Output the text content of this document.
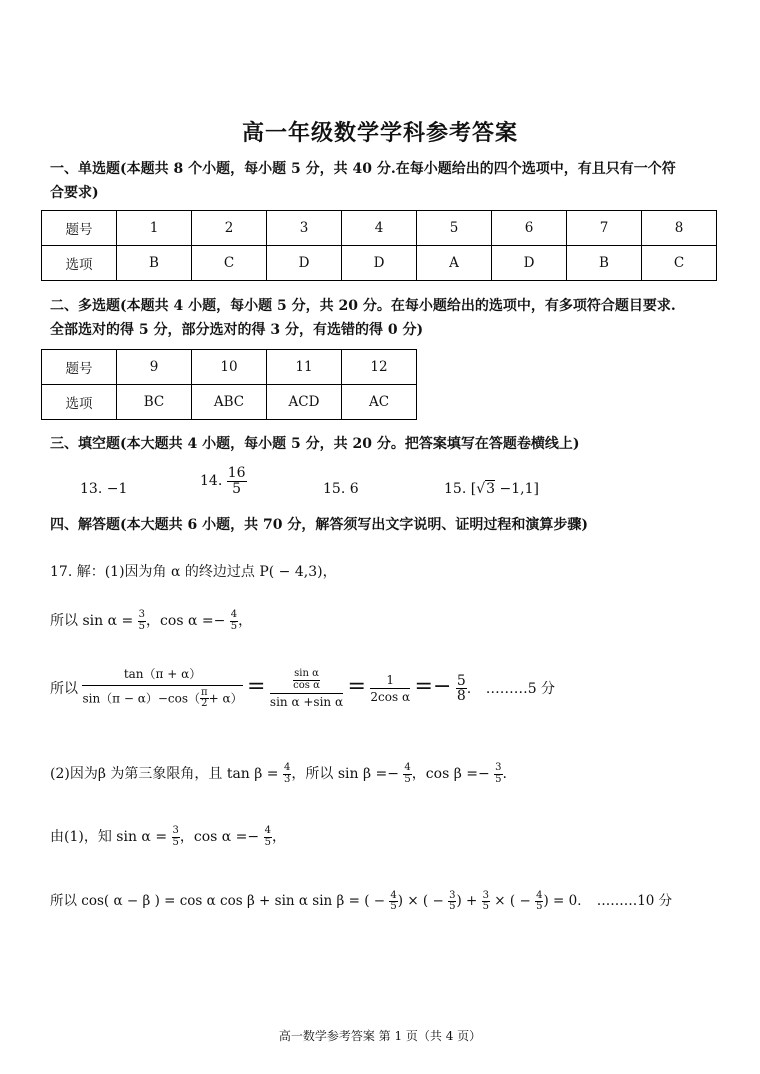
高一年级数学学科参考答案
一、单选题(本题共 8 个小题，每小题 5 分，共 40 分.在每小题给出的四个选项中，有且只有一个符
合要求)
题号	1	2	3	4	5	6	7	8
选项	B	C	D	D	A	D	B	C
二、多选题(本题共 4 小题，每小题 5 分，共 20 分。在每小题给出的选项中，有多项符合题目要求.
全部选对的得 5 分，部分选对的得 3 分，有选错的得 0 分)
题号	9	10	11	12
选项	BC	ABC	ACD	AC
三、填空题(本大题共 4 小题，每小题 5 分，共 20 分。把答案填写在答题卷横线上)
13. −1	14. $\frac{16}{5}$	15. 6	15. [√3 −1,1]
四、解答题(本大题共 6 小题，共 70 分，解答须写出文字说明、证明过程和演算步骤)
17. 解：(1)因为角 α 的终边过点 P( − 4,3)，
所以 $\sin \alpha = \frac{3}{5}$ ，$\cos \alpha =- \frac{4}{5}$ ，
所以 $\frac{\tan(\pi + \alpha)}{\sin(\pi - \alpha)-\cos( \frac{\pi}{2} + \alpha)} = \frac{\frac{\text{sin α}}{\text{cos α}}}{\text{sin α +sin α}} = \frac{1}{\text{2cos α}} =- \frac{5}{8}$ . ………5 分
(2)因为β 为第三象限角，且 $\tan \beta = \frac{4}{3}$ ，所以 $\sin \beta =- \frac{4}{5}$ ，$\cos \beta =- \frac{3}{5}$ .
由(1)，知 $\sin \alpha = \frac{3}{5}$ ，$\cos \alpha =- \frac{4}{5}$ ，
所以 cos( α − β ) = cos α cos β + sin α sin β = ( − $\frac{4}{5}$ ) × ( − $\frac{3}{5}$ ) + $\frac{3}{5}$ × ( − $\frac{4}{5}$ ) = 0． ………10 分
高一数学参考答案 第 1 页（共 4 页）
